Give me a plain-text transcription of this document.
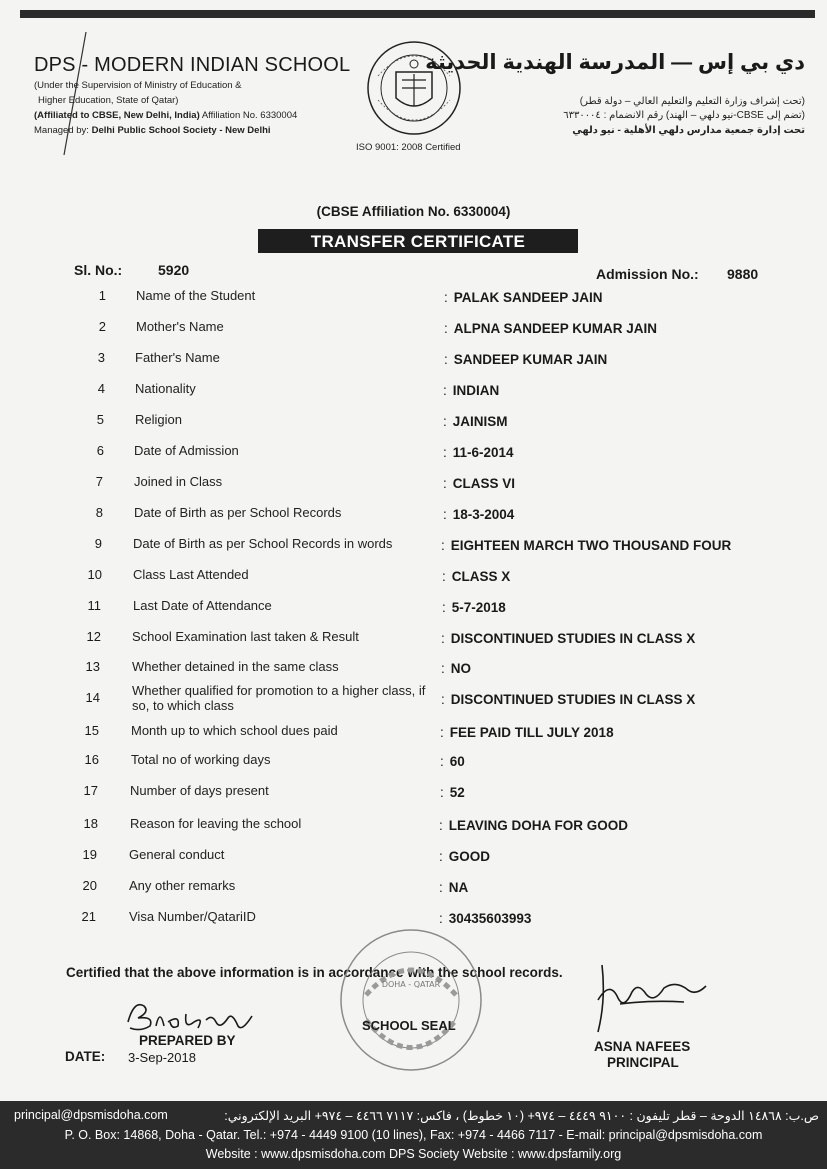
DPS - MODERN INDIAN SCHOOL
(Under the Supervision of Ministry of Education &
Higher Education, State of Qatar)
(Affiliated to CBSE, New Delhi, India) Affiliation No. 6330004
Managed by: Delhi Public School Society - New Delhi
دي بي إس — المدرسة الهندية الحديثة
(تحت إشراف وزارة التعليم والتعليم العالي – دولة قطر)
(تضم إلى CBSE-نيو دلهي – الهند) رقم الانضمام : ٦٣٣٠٠٠٤
تحت إدارة جمعية مدارس دلهي الأهلية - نيو دلهي
ISO 9001: 2008 Certified
(CBSE Affiliation No. 6330004)
TRANSFER CERTIFICATE
Sl. No.:	5920	Admission No.: 9880
1 Name of the Student	: PALAK SANDEEP JAIN
2 Mother's Name	: ALPNA SANDEEP KUMAR JAIN
3 Father's Name	: SANDEEP KUMAR JAIN
4 Nationality	: INDIAN
5 Religion	: JAINISM
6 Date of Admission	: 11-6-2014
7 Joined in Class	: CLASS VI
8 Date of Birth as per School Records	: 18-3-2004
9 Date of Birth as per School Records in words	: EIGHTEEN MARCH TWO THOUSAND FOUR
10 Class Last Attended	: CLASS X
11 Last Date of Attendance	: 5-7-2018
12 School Examination last taken & Result	: DISCONTINUED STUDIES IN CLASS X
13 Whether detained in the same class	: NO
14 Whether qualified for promotion to a higher class, if so, to which class	: DISCONTINUED STUDIES IN CLASS X
15 Month up to which school dues paid	: FEE PAID TILL JULY 2018
16 Total no of working days	: 60
17 Number of days present	: 52
18 Reason for leaving the school	: LEAVING DOHA FOR GOOD
19 General conduct	: GOOD
20 Any other remarks	: NA
21	Visa Number/QatariID	: 30435603993
Certified that the above information is in accordance with the school records.
DOHA - QATAR
SCHOOL SEAL
PREPARED BY
DATE: 3-Sep-2018
ASNA NAFEES
PRINCIPAL
principal@dpsmisdoha.com	ص.ب: ١٤٨٦٨ الدوحة – قطر تليفون : ٩١٠٠ ٤٤٤٩ – ٩٧٤+ (١٠ خطوط) ، فاكس: ٧١١٧ ٤٤٦٦ – ٩٧٤+ البريد الإلكتروني:
P. O. Box: 14868, Doha - Qatar. Tel.: +974 - 4449 9100 (10 lines), Fax: +974 - 4466 7117 - E-mail: principal@dpsmisdoha.com
Website : www.dpsmisdoha.com DPS Society Website : www.dpsfamily.org
